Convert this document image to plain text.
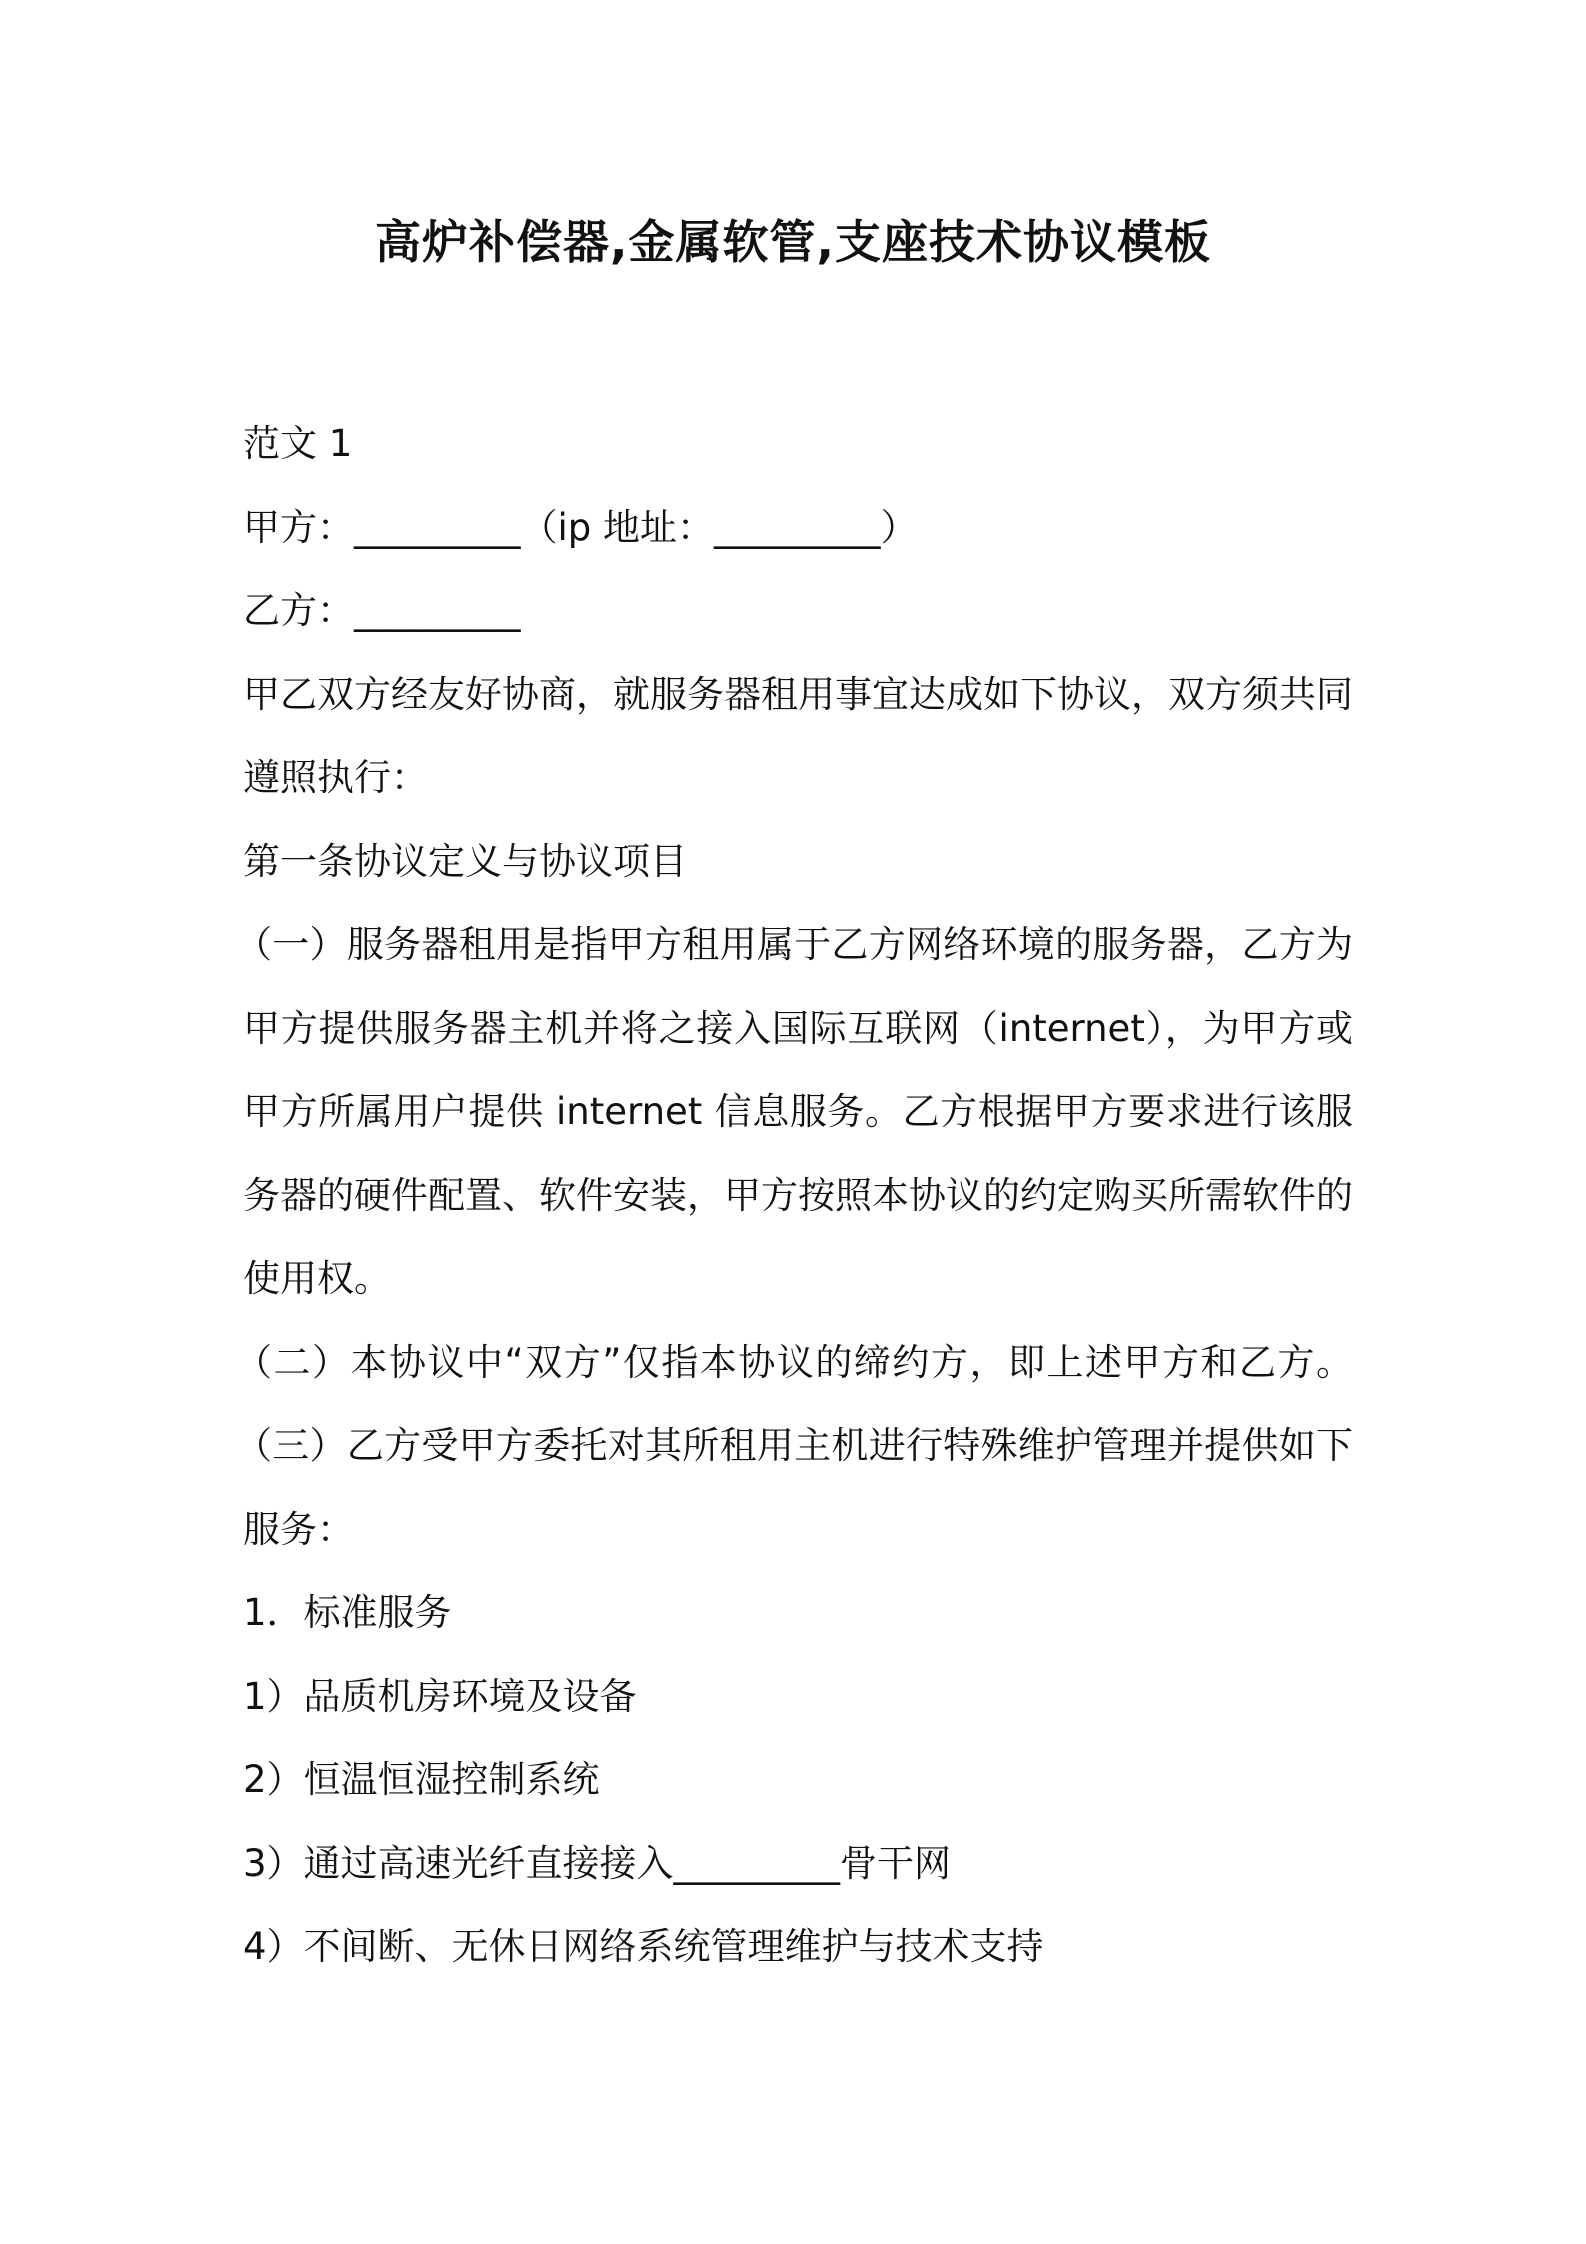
高炉补偿器,金属软管,支座技术协议模板
范文 1
甲方：_________（ip 地址：_________）
乙方：_________
甲乙双方经友好协商，就服务器租用事宜达成如下协议，双方须共同
遵照执行：
第一条协议定义与协议项目
（一）服务器租用是指甲方租用属于乙方网络环境的服务器，乙方为
甲方提供服务器主机并将之接入国际互联网（internet），为甲方或
甲方所属用户提供 internet 信息服务。乙方根据甲方要求进行该服
务器的硬件配置、软件安装，甲方按照本协议的约定购买所需软件的
使用权。
（二）本协议中“双方”仅指本协议的缔约方，即上述甲方和乙方。
（三）乙方受甲方委托对其所租用主机进行特殊维护管理并提供如下
服务：
1．标准服务
1）品质机房环境及设备
2）恒温恒湿控制系统
3）通过高速光纤直接接入_________骨干网
4）不间断、无休日网络系统管理维护与技术支持
